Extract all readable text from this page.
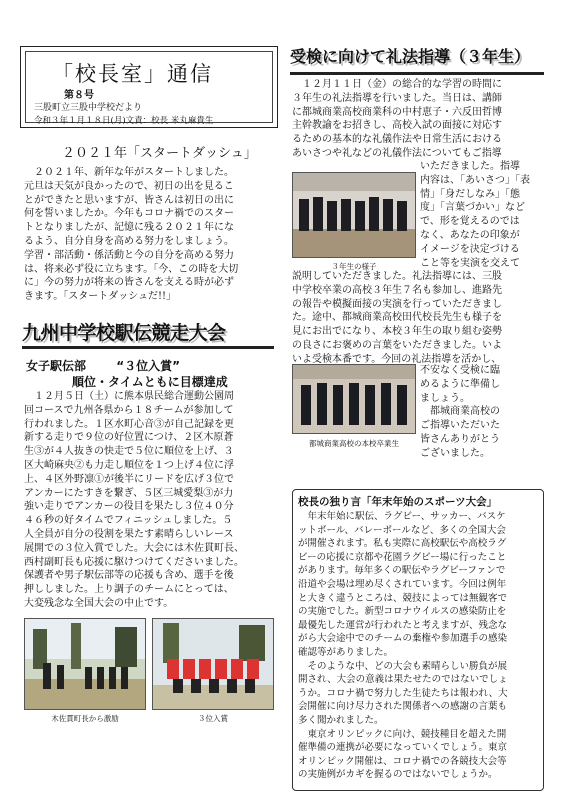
「校長室」通信
第８号
三股町立三股中学校だより
令和３年１月１８日(月)文責：校長 米丸麻貴生
２０２１年「スタートダッシュ」
　２０２１年、新年な年がスタートしました。
元旦は天気が良かったので、初日の出を見るこ
とができたと思いますが、皆さんは初日の出に
何を誓いましたか。今年もコロナ禍でのスター
トとなりましたが、記憶に残る２０２１年にな
るよう、自分自身を高める努力をしましょう。
学習・部活動・係活動と今の自分を高める努力
は、将来必ず役に立ちます。「今、この時を大切
に」今の努力が将来の皆さんを支える時が必ず
きます。「スタートダッシュだ!!」
九州中学校駅伝競走大会
女子駅伝部	“３位入賞”
順位・タイムともに目標達成
　１２月５日（土）に熊本県民総合運動公園周
回コースで九州各県から１８チームが参加して
行われました。１区水町心音③が自己記録を更
新する走りで９位の好位置につけ、２区木原蒼
生③が４人抜きの快走で５位に順位を上げ、３
区大崎麻央②も力走し順位を１つ上げ４位に浮
上、４区外野凛①が後半にリードを広げ３位で
アンカーにたすきを繋ぎ、５区三城愛梨③が力
強い走りでアンカーの役目を果たし３位４０分
４６秒の好タイムでフィニッシュしました。５
人全員が自分の役割を果たす素晴らしいレース
展開での３位入賞でした。大会には木佐貫町長、
西村副町長も応援に駆けつけてくださいました。
保護者や男子駅伝部等の応援も含め、選手を後
押ししました。上り調子のチームにとっては、
大変残念な全国大会の中止です。
木佐貫町長から激励	３位入賞
受検に向けて礼法指導（３年生）
　１２月１１日（金）の総合的な学習の時間に
３年生の礼法指導を行いました。当日は、講師
に都城商業高校商業科の中村恵子・六反田哲博
主幹教諭をお招きし、高校入試の面接に対応す
るための基本的な礼儀作法や日常生活における
あいさつや礼などの礼儀作法についてもご指導
３年生の様子
いただきました。指導
内容は、「あいさつ」「表
情」「身だしなみ」「態
度」「言葉づかい」など
で、形を覚えるのでは
なく、あなたの印象が
イメージを決定づける
こと等を実演を交えて
説明していただきました。礼法指導には、三股
中学校卒業の高校３年生７名も参加し、進路先
の報告や模擬面接の実演を行っていただきまし
た。途中、都城商業高校田代校長先生も様子を
見にお出でになり、本校３年生の取り組む姿勢
の良さにお褒めの言葉をいただきました。いよ
いよ受検本番です。今回の礼法指導を活かし、
都城商業高校の本校卒業生
不安なく受検に臨
めるように準備し
ましょう。
　都城商業高校の
ご指導いただいた
皆さんありがとう
ございました。
校長の独り言「年末年始のスポーツ大会」
　年末年始に駅伝、ラグビー、サッカー、バスケ
ットボール、バレーボールなど、多くの全国大会
が開催されます。私も実際に高校駅伝や高校ラグ
ビーの応援に京都や花園ラグビー場に行ったこと
があります。毎年多くの駅伝やラグビーファンで
沿道や会場は埋め尽くされています。今回は例年
と大きく違うところは、競技によっては無観客で
の実施でした。新型コロナウイルスの感染防止を
最優先した運営が行われたと考えますが、残念な
がら大会途中でのチームの棄権や参加選手の感染
確認等がありました。
　そのような中、どの大会も素晴らしい勝負が展
開され、大会の意義は果たせたのではないでしょ
うか。コロナ禍で努力した生徒たちは報われ、大
会開催に向け尽力された関係者への感謝の言葉も
多く聞かれました。
　東京オリンピックに向け、競技種目を超えた開
催準備の連携が必要になっていくでしょう。東京
オリンピック開催は、コロナ禍での各競技大会等
の実施例がカギを握るのではないでしょうか。
